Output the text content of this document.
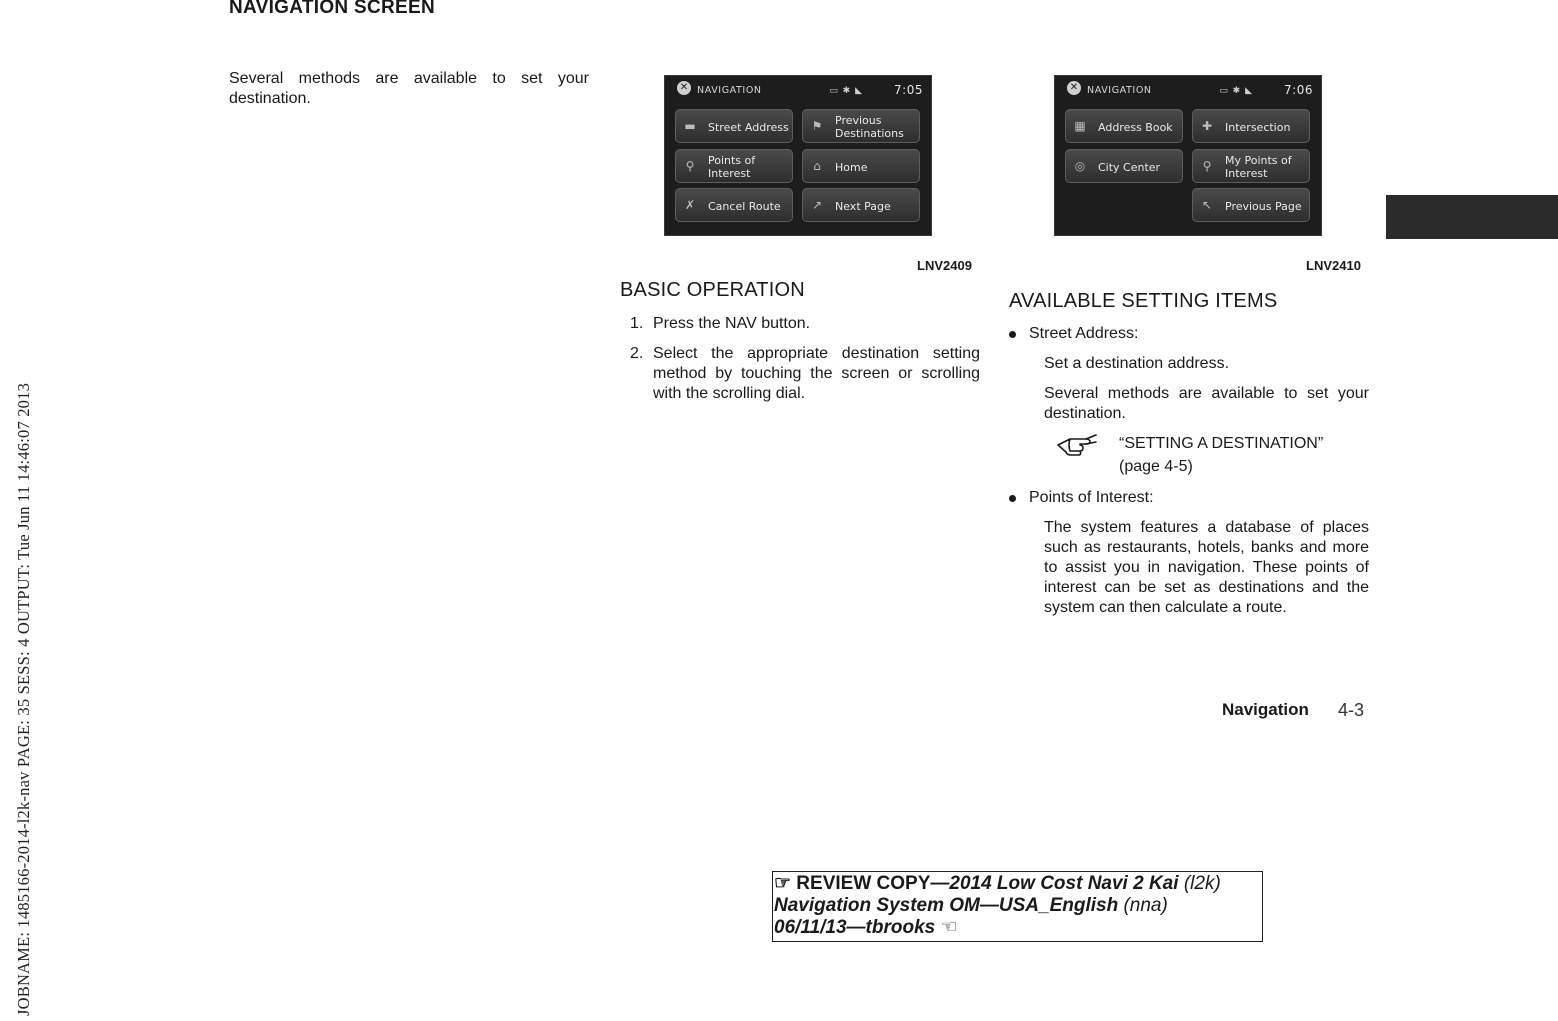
JOBNAME: 1485166-2014-l2k-nav PAGE: 35 SESS: 4 OUTPUT: Tue Jun 11 14:46:07 2013
NAVIGATION SCREEN
Several methods are available to set your destination.
✕ NAVIGATION	▭ ✱ ◣	7:05
▬ Street Address ⚑ Previous
Destinations
⚲	Points of
Interest
⌂	Home
✗ Cancel Route	↗ Next Page
LNV2409
✕ NAVIGATION	▭ ✱ ◣	7:06
▦ Address Book ✚ Intersection
◎ City Center	⚲	My Points of
Interest
↖ Previous Page
LNV2410
BASIC OPERATION
1. Press the NAV button.
2. Select the appropriate destination setting method by touching the screen or scrolling with the scrolling dial.
AVAILABLE SETTING ITEMS
Street Address:
Set a destination address.
Several methods are available to set your destination.
“SETTING A DESTINATION”
(page 4-5)
Points of Interest:
The system features a database of places such as restaurants, hotels, banks and more to assist you in navigation. These points of interest can be set as destinations and the system can then calculate a route.
Navigation 4-3
☞ REVIEW COPY—2014 Low Cost Navi 2 Kai (l2k)
Navigation System OM—USA_English (nna)
06/11/13—tbrooks ☜
